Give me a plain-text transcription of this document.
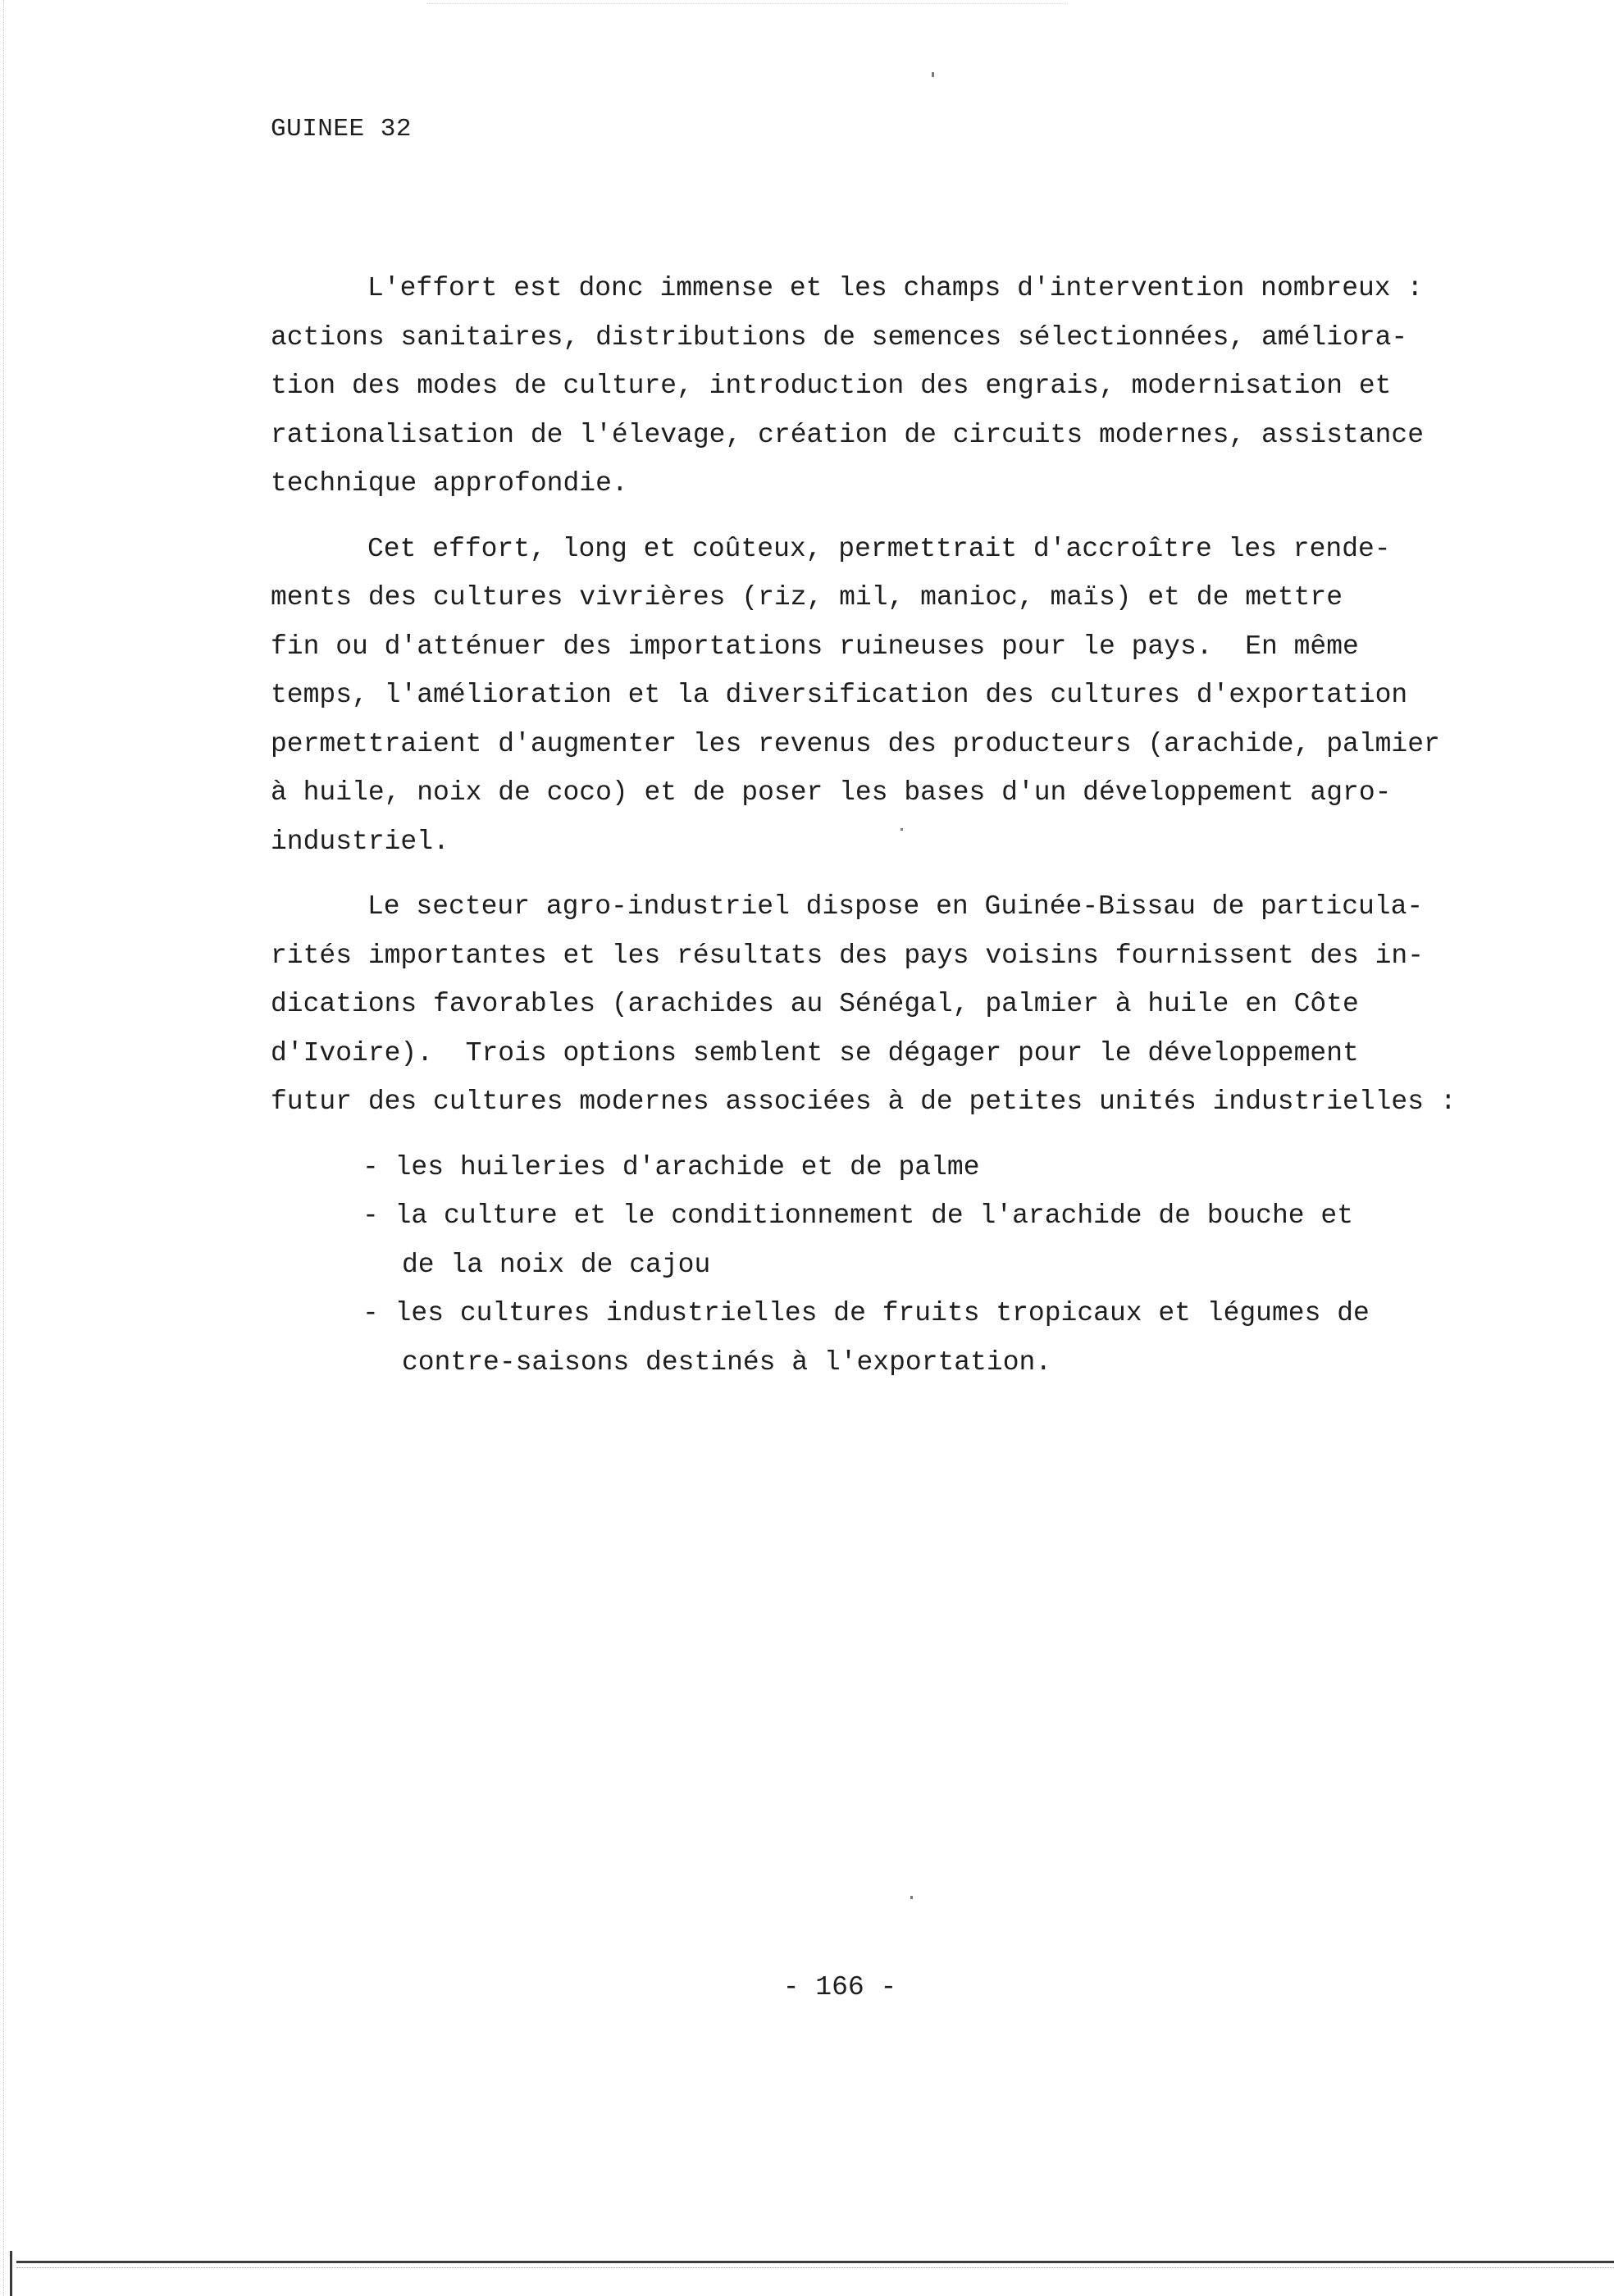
GUINEE 32
L'effort est donc immense et les champs d'intervention nombreux :
actions sanitaires, distributions de semences sélectionnées, améliora-
tion des modes de culture, introduction des engrais, modernisation et
rationalisation de l'élevage, création de circuits modernes, assistance
technique approfondie.
Cet effort, long et coûteux, permettrait d'accroître les rende-
ments des cultures vivrières (riz, mil, manioc, maïs) et de mettre
fin ou d'atténuer des importations ruineuses pour le pays.  En même
temps, l'amélioration et la diversification des cultures d'exportation
permettraient d'augmenter les revenus des producteurs (arachide, palmier
à huile, noix de coco) et de poser les bases d'un développement agro-
industriel.
Le secteur agro-industriel dispose en Guinée-Bissau de particula-
rités importantes et les résultats des pays voisins fournissent des in-
dications favorables (arachides au Sénégal, palmier à huile en Côte
d'Ivoire).  Trois options semblent se dégager pour le développement
futur des cultures modernes associées à de petites unités industrielles :
- les huileries d'arachide et de palme
- la culture et le conditionnement de l'arachide de bouche et
de la noix de cajou
- les cultures industrielles de fruits tropicaux et légumes de
contre-saisons destinés à l'exportation.
- 166 -
